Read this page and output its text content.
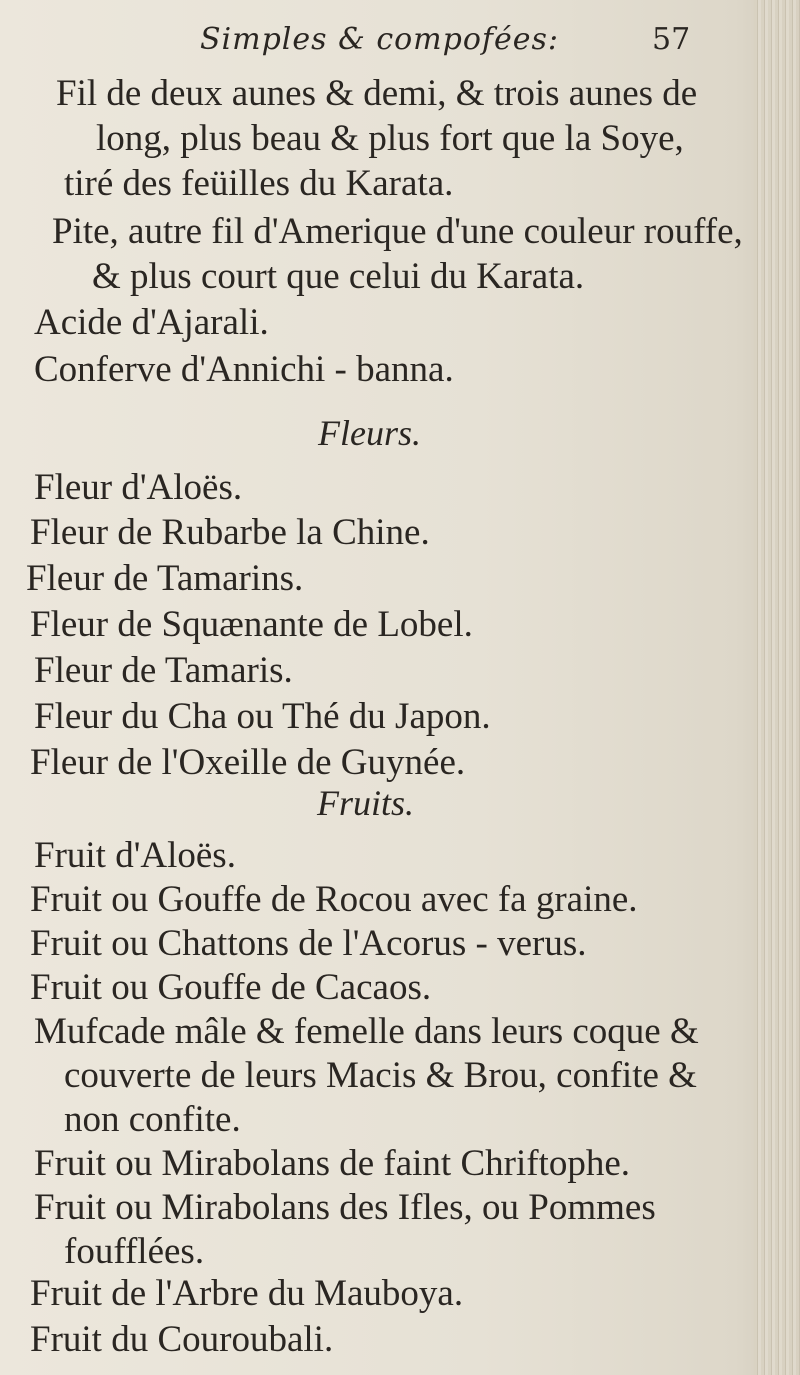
Simples & compofées:	57
Fil de deux aunes & demi, & trois aunes de
long, plus beau & plus fort que la Soye,
tiré des feüilles du Karata.
Pite, autre fil d'Amerique d'une couleur rouffe,
& plus court que celui du Karata.
Acide d'Ajarali.
Conferve d'Annichi - banna.
Fleurs.
Fleur d'Aloës.
Fleur de Rubarbe la Chine.
Fleur de Tamarins.
Fleur de Squænante de Lobel.
Fleur de Tamaris.
Fleur du Cha ou Thé du Japon.
Fleur de l'Oxeille de Guynée.
Fruits.
Fruit d'Aloës.
Fruit ou Gouffe de Rocou avec fa graine.
Fruit ou Chattons de l'Acorus - verus.
Fruit ou Gouffe de Cacaos.
Mufcade mâle & femelle dans leurs coque &
couverte de leurs Macis & Brou, confite &
non confite.
Fruit ou Mirabolans de faint Chriftophe.
Fruit ou Mirabolans des Ifles, ou Pommes
foufflées.
Fruit de l'Arbre du Mauboya.
Fruit du Couroubali.
